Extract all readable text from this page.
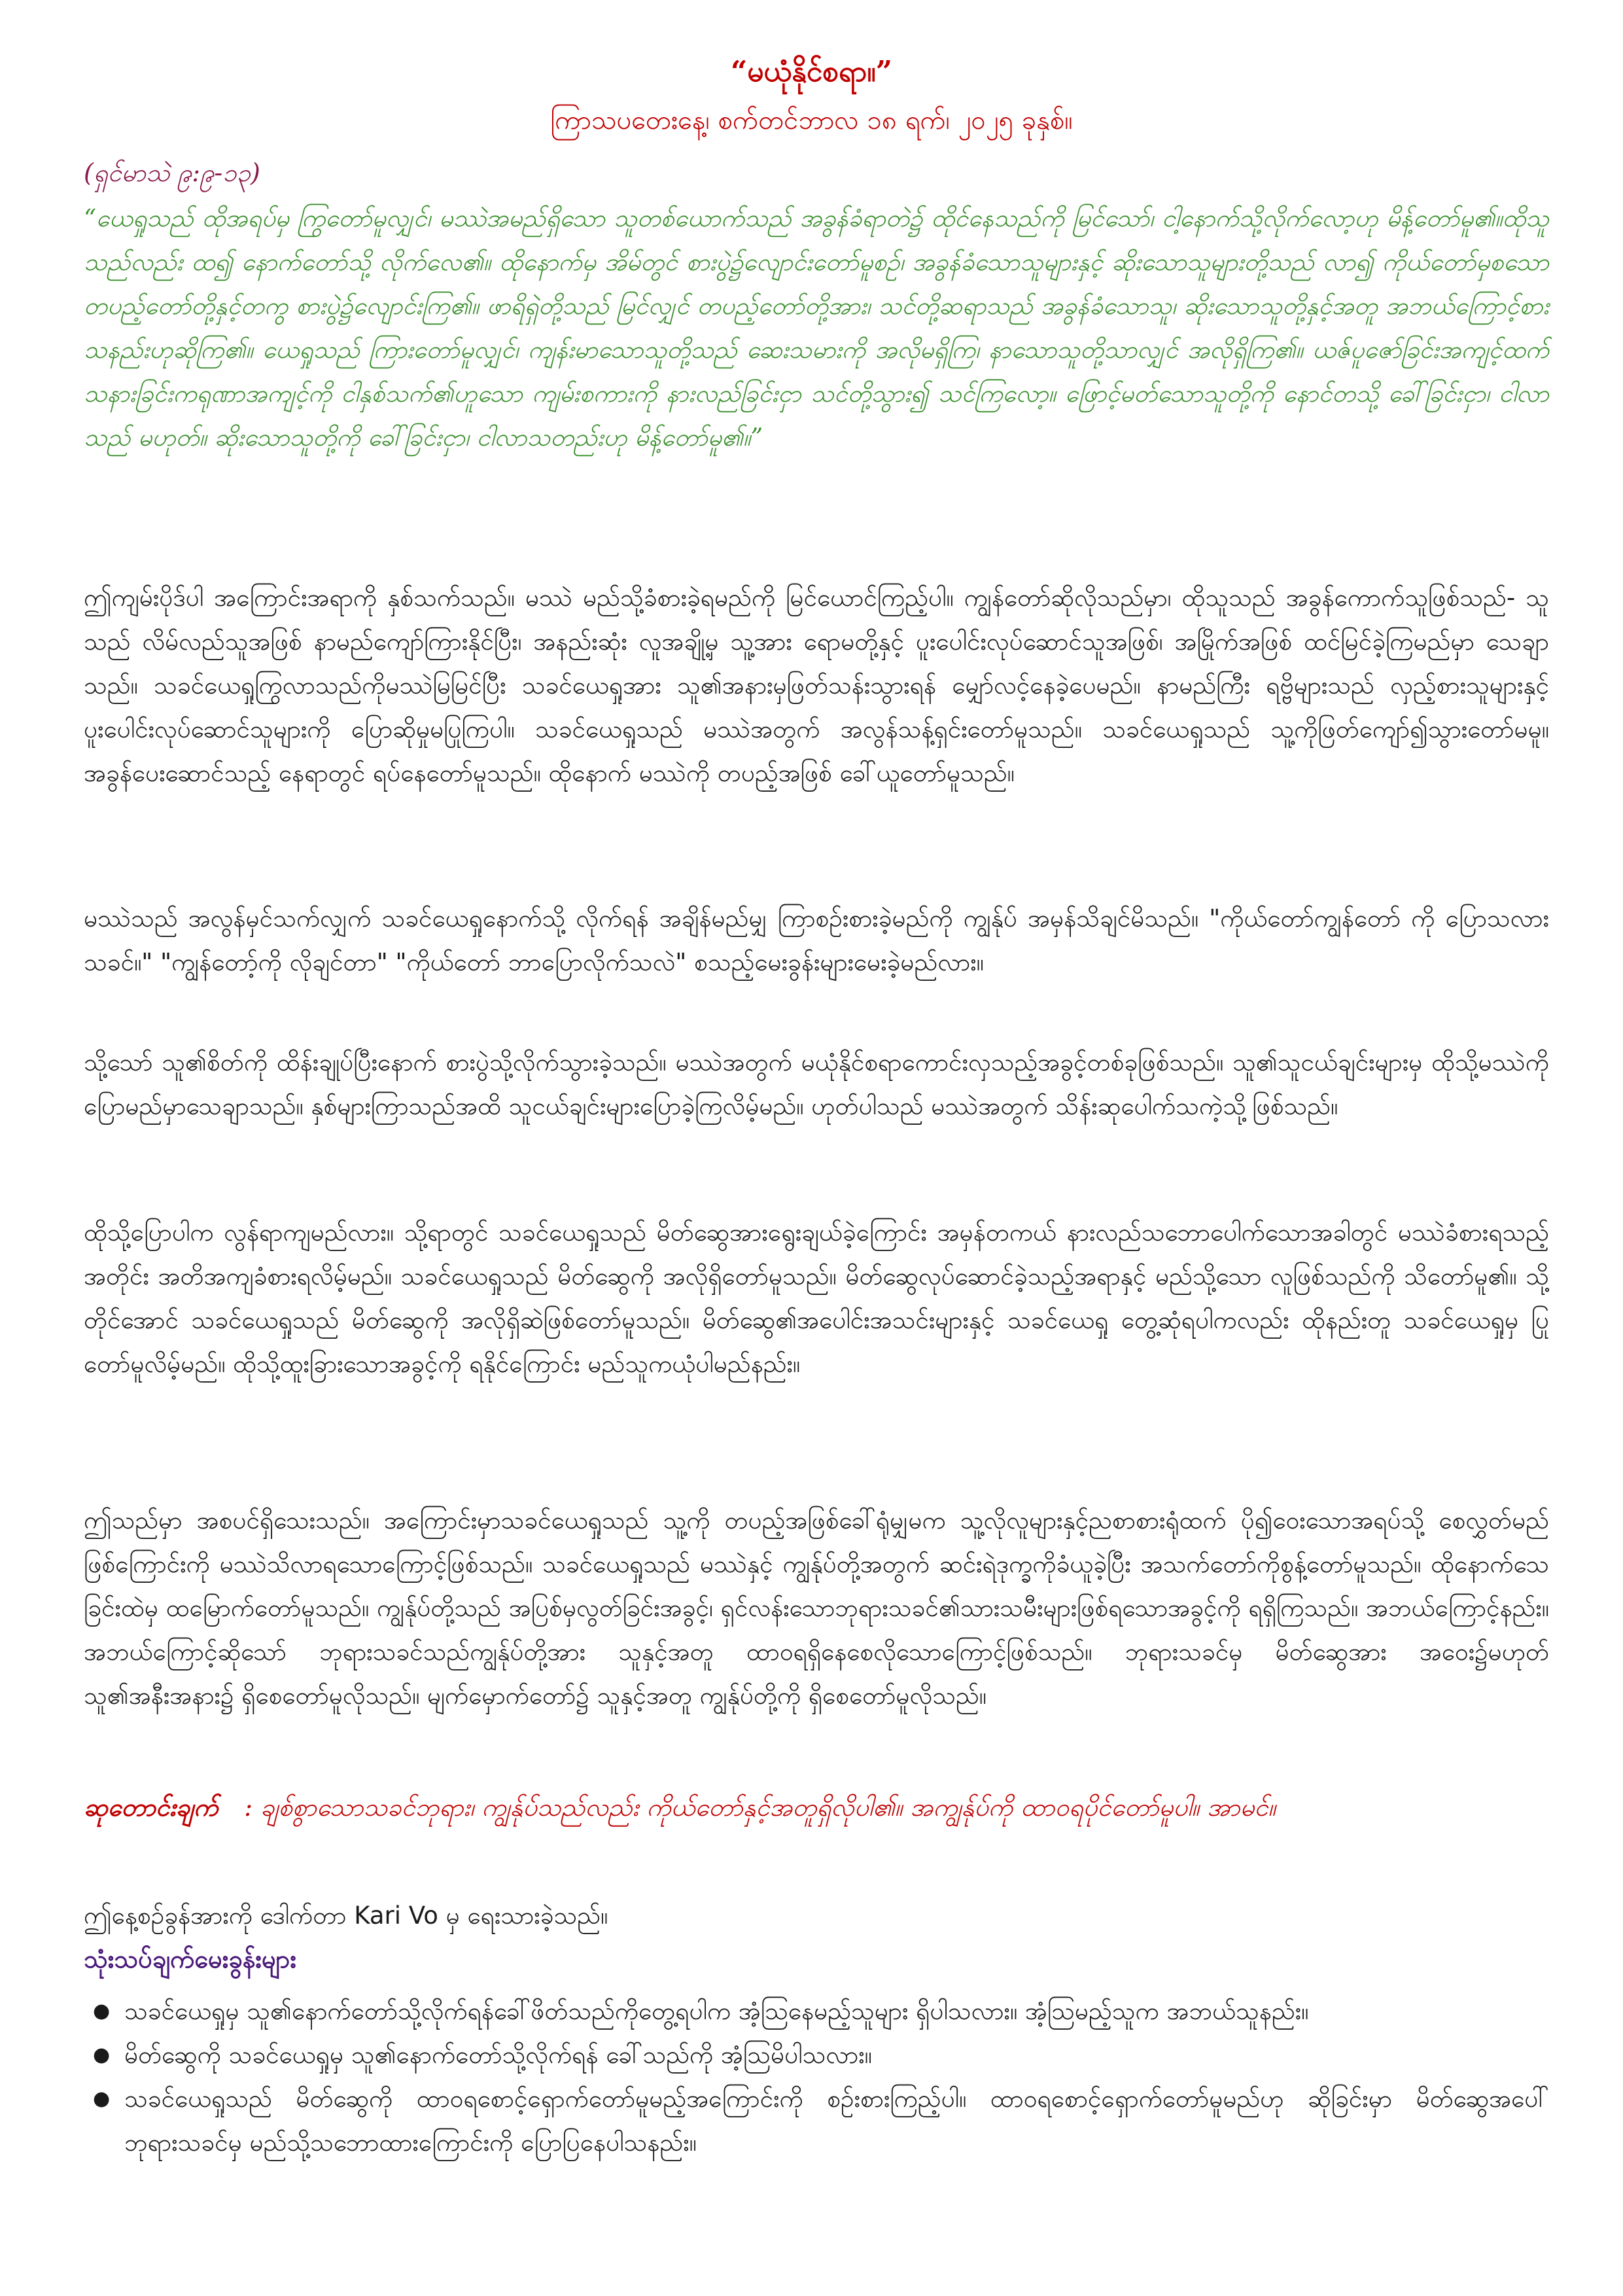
“မယုံနိုင်စရာ။”
ကြာသပတေးနေ့၊ စက်တင်ဘာလ ၁၈ ရက်၊ ၂၀၂၅ ခုနှစ်။
(ရှင်မာသဲ ၉:၉-၁၃)

“ယေရှုသည် ထိုအရပ်မှ ကြွတော်မူလျှင်၊ မဿဲအမည်ရှိသော သူတစ်ယောက်သည် အခွန်ခံရာတဲ၌ ထိုင်နေသည်ကို မြင်သော်၊ ငါ့နောက်သို့လိုက်လော့ဟု မိန့်တော်မူ၏။ထိုသူသည်လည်း ထ၍ နောက်တော်သို့ လိုက်လေ၏။ ထိုနောက်မှ အိမ်တွင် စားပွဲ၌လျောင်းတော်မူစဉ်၊ အခွန်ခံသောသူများနှင့် ဆိုးသောသူများတို့သည် လာ၍ ကိုယ်တော်မှစသော တပည့်တော်တို့နှင့်တကွ စားပွဲ၌လျောင်းကြ၏။ ဖာရိရှဲတို့သည် မြင်လျှင် တပည့်တော်တို့အား၊ သင်တို့ဆရာသည် အခွန်ခံသောသူ၊ ဆိုးသောသူတို့နှင့်အတူ အဘယ်ကြောင့်စားသနည်းဟုဆိုကြ၏။ ယေရှုသည် ကြားတော်မူလျှင်၊ ကျန်းမာသောသူတို့သည် ဆေးသမားကို အလိုမရှိကြ၊ နာသောသူတို့သာလျှင် အလိုရှိကြ၏။ ယဇ်ပူဇော်ခြင်းအကျင့်ထက် သနားခြင်းကရုဏာအကျင့်ကို ငါနှစ်သက်၏ဟူသော ကျမ်းစကားကို နားလည်ခြင်းငှာ သင်တို့သွား၍ သင်ကြလော့။ ဖြောင့်မတ်သောသူတို့ကို နောင်တသို့ ခေါ်ခြင်းငှာ၊ ငါလာသည် မဟုတ်။ ဆိုးသောသူတို့ကို ခေါ်ခြင်းငှာ၊ ငါလာသတည်းဟု မိန့်တော်မူ၏။”

ဤကျမ်းပိုဒ်ပါ အကြောင်းအရာကို နှစ်သက်သည်။ မဿဲ မည်သို့ခံစားခဲ့ရမည်ကို မြင်ယောင်ကြည့်ပါ။ ကျွန်တော်ဆိုလိုသည်မှာ၊ ထိုသူသည် အခွန်ကောက်သူဖြစ်သည်- သူသည် လိမ်လည်သူအဖြစ် နာမည်ကျော်ကြားနိုင်ပြီး၊ အနည်းဆုံး လူအချို့မှ သူ့အား ရောမတို့နှင့် ပူးပေါင်းလုပ်ဆောင်သူအဖြစ်၊ အမြိုက်အဖြစ် ထင်မြင်ခဲ့ကြမည်မှာ သေချာသည်။ သခင်ယေရှုကြွလာသည်ကိုမဿဲမြမြင်ပြီး သခင်ယေရှုအား သူ၏အနားမှဖြတ်သန်းသွားရန် မျှော်လင့်နေခဲ့ပေမည်။ နာမည်ကြီး ရဗ္ဗိများသည် လှည့်စားသူများနှင့် ပူးပေါင်းလုပ်ဆောင်သူများကို ပြောဆိုမှုမပြုကြပါ။ သခင်ယေရှုသည် မဿဲအတွက် အလွန်သန့်ရှင်းတော်မူသည်။ သခင်ယေရှုသည် သူ့ကိုဖြတ်ကျော်၍သွားတော်မမူ။ အခွန်ပေးဆောင်သည့် နေရာတွင် ရပ်နေတော်မူသည်။ ထိုနောက် မဿဲကို တပည့်အဖြစ် ခေါ်ယူတော်မူသည်။

မဿဲသည် အလွန်မှင်သက်လျှက် သခင်ယေရှုနောက်သို့ လိုက်ရန် အချိန်မည်မျှ ကြာစဉ်းစားခဲ့မည်ကို ကျွန်ုပ် အမှန်သိချင်မိသည်။ "ကိုယ်တော်ကျွန်တော် ကို ပြောသလားသခင်။" "ကျွန်တော့်ကို လိုချင်တာ" "ကိုယ်တော် ဘာပြောလိုက်သလဲ" စသည့်မေးခွန်းများမေးခဲ့မည်လား။

သို့သော် သူ၏စိတ်ကို ထိန်းချုပ်ပြီးနောက် စားပွဲသို့လိုက်သွားခဲ့သည်။ မဿဲအတွက် မယုံနိုင်စရာကောင်းလှသည့်အခွင့်တစ်ခုဖြစ်သည်။ သူ၏သူငယ်ချင်းများမှ ထိုသို့မဿဲကိုပြောမည်မှာသေချာသည်။ နှစ်များကြာသည်အထိ သူငယ်ချင်းများပြောခဲ့ကြလိမ့်မည်။ ဟုတ်ပါသည် မဿဲအတွက် သိန်းဆုပေါက်သကဲ့သို့ဖြစ်သည်။

ထိုသို့ပြောပါက လွန်ရာကျမည်လား။ သို့ရာတွင် သခင်ယေရှုသည် မိတ်ဆွေအားရွေးချယ်ခဲ့ကြောင်း အမှန်တကယ် နားလည်သဘောပေါက်သောအခါတွင် မဿဲခံစားရသည့်အတိုင်း အတိအကျခံစားရလိမ့်မည်။ သခင်ယေရှုသည် မိတ်ဆွေကို အလိုရှိတော်မူသည်။ မိတ်ဆွေလုပ်ဆောင်ခဲ့သည့်အရာနှင့် မည်သို့သော လူဖြစ်သည်ကို သိတော်မူ၏။ သို့တိုင်အောင် သခင်ယေရှုသည် မိတ်ဆွေကို အလိုရှိဆဲဖြစ်တော်မူသည်။ မိတ်ဆွေ၏အပေါင်းအသင်းများနှင့် သခင်ယေရှု တွေ့ဆုံရပါကလည်း ထိုနည်းတူ သခင်ယေရှုမှ ပြုတော်မူလိမ့်မည်။ ထိုသို့ထူးခြားသောအခွင့်ကို ရနိုင်ကြောင်း မည်သူကယုံပါမည်နည်း။

ဤသည်မှာ အစပင်ရှိသေးသည်။ အကြောင်းမှာသခင်ယေရှုသည် သူ့ကို တပည့်အဖြစ်ခေါ်ရုံမျှမက သူ့လိုလူများနှင့်ညစာစားရုံထက် ပို၍ဝေးသောအရပ်သို့ စေလွှတ်မည်ဖြစ်ကြောင်းကို မဿဲသိလာရသောကြောင့်ဖြစ်သည်။ သခင်ယေရှုသည် မဿဲနှင့် ကျွန်ုပ်တို့အတွက် ဆင်းရဲဒုက္ခကိုခံယူခဲ့ပြီး အသက်တော်ကိုစွန့်တော်မူသည်။ ထိုနောက်သေခြင်းထဲမှ ထမြောက်တော်မူသည်။ ကျွန်ုပ်တို့သည် အပြစ်မှလွတ်ခြင်းအခွင့်၊ ရှင်လန်းသောဘုရားသခင်၏သားသမီးများဖြစ်ရသောအခွင့်ကို ရရှိကြသည်။ အဘယ်ကြောင့်နည်း။ အဘယ်ကြောင့်ဆိုသော် ဘုရားသခင်သည်ကျွန်ုပ်တို့အား သူနှင့်အတူ ထာဝရရှိနေစေလိုသောကြောင့်ဖြစ်သည်။ ဘုရားသခင်မှ မိတ်ဆွေအား အဝေး၌မဟုတ် သူ၏အနီးအနား၌ ရှိစေတော်မူလိုသည်။ မျက်မှောက်တော်၌ သူနှင့်အတူ ကျွန်ုပ်တို့ကို ရှိစေတော်မူလိုသည်။

ဆုတောင်းချက် : ချစ်စွာသောသခင်ဘုရား၊ ကျွန်ုပ်သည်လည်း ကိုယ်တော်နှင့်အတူရှိလိုပါ၏။ အကျွန်ုပ်ကို ထာဝရပိုင်တော်မူပါ။ အာမင်။
ဤနေ့စဉ်ခွန်အားကို ဒေါက်တာ Kari Vo မှ ရေးသားခဲ့သည်။
သုံးသပ်ချက်မေးခွန်းများ
● သခင်ယေရှုမှ သူ၏နောက်တော်သို့လိုက်ရန်ခေါ်ဖိတ်သည်ကိုတွေ့ရပါက အံ့ဩနေမည့်သူများ ရှိပါသလား။ အံ့ဩမည့်သူက အဘယ်သူနည်း။
● မိတ်ဆွေကို သခင်ယေရှုမှ သူ၏နောက်တော်သို့လိုက်ရန် ခေါ်သည်ကို အံ့ဩမိပါသလား။
● သခင်ယေရှုသည် မိတ်ဆွေကို ထာဝရစောင့်ရှောက်တော်မူမည့်အကြောင်းကို စဉ်းစားကြည့်ပါ။ ထာဝရစောင့်ရှောက်တော်မူမည်ဟု ဆိုခြင်းမှာ မိတ်ဆွေအပေါ် ဘုရားသခင်မှ မည်သို့သဘောထားကြောင်းကို ပြောပြနေပါသနည်း။
